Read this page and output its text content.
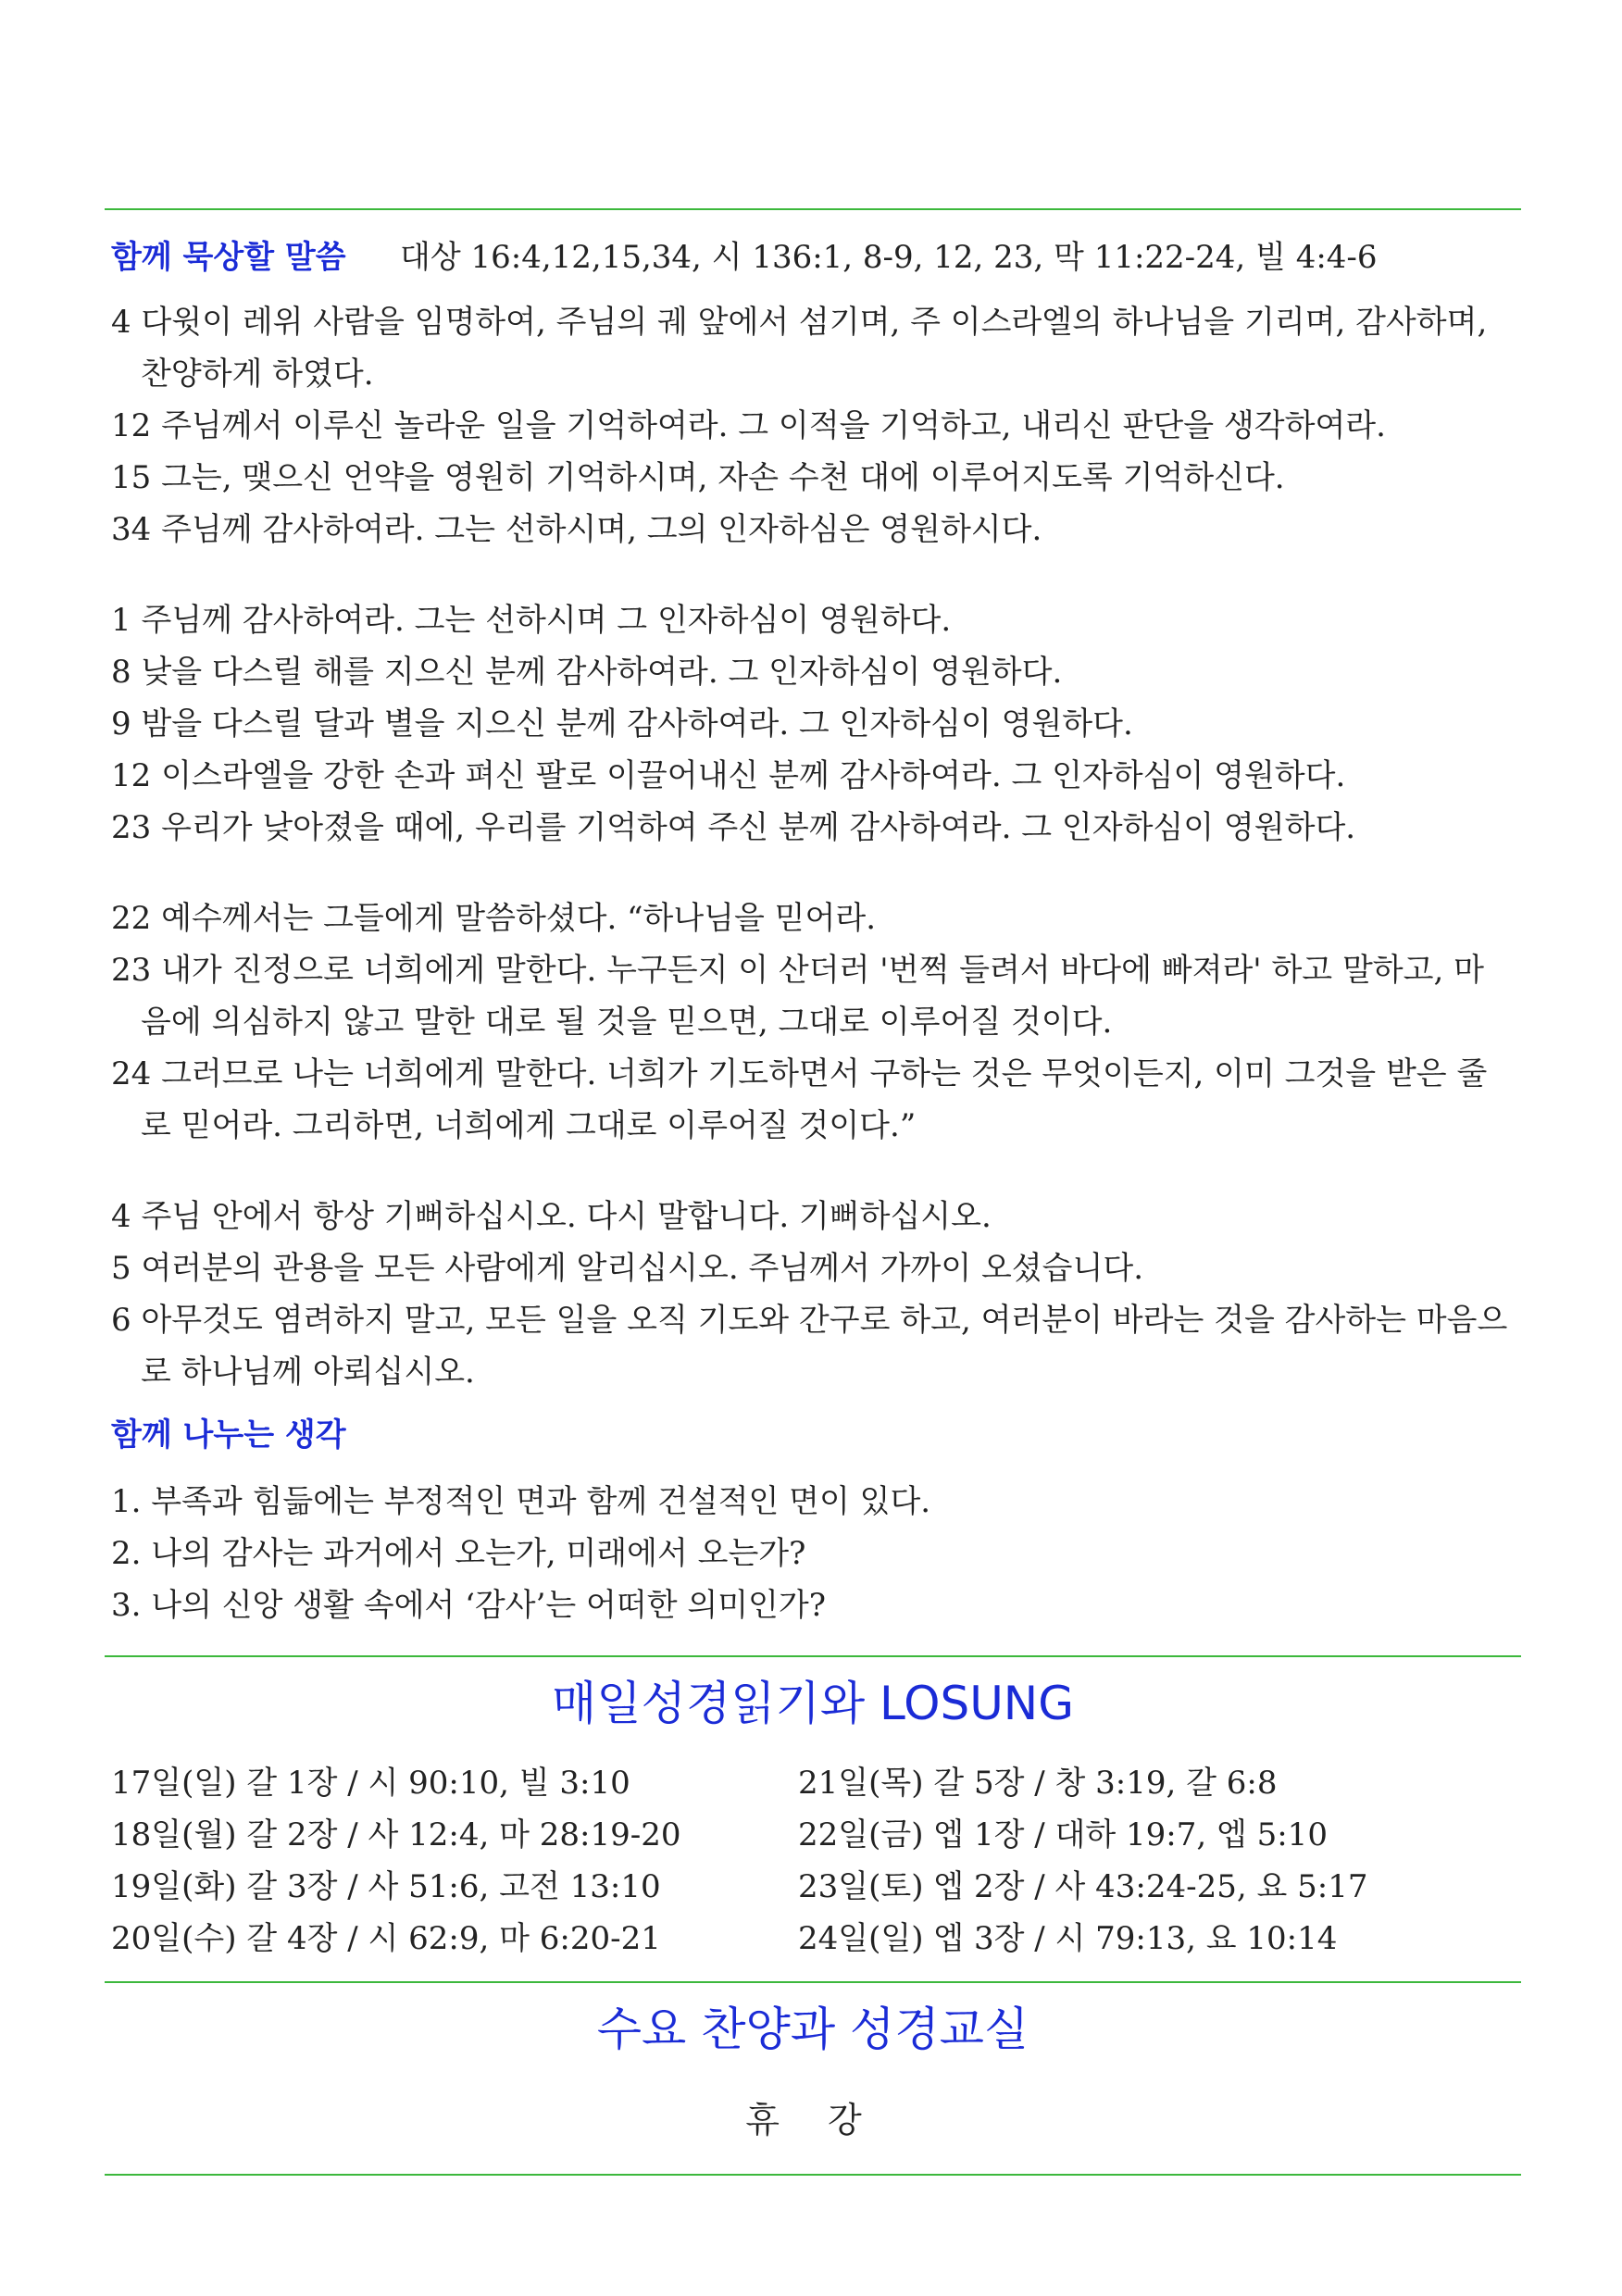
함께 묵상할 말씀 대상 16:4,12,15,34, 시 136:1, 8-9, 12, 23, 막 11:22-24, 빌 4:4-6
4 다윗이 레위 사람을 임명하여, 주님의 궤 앞에서 섬기며, 주 이스라엘의 하나님을 기리며, 감사하며,
찬양하게 하였다.
12 주님께서 이루신 놀라운 일을 기억하여라. 그 이적을 기억하고, 내리신 판단을 생각하여라.
15 그는, 맺으신 언약을 영원히 기억하시며, 자손 수천 대에 이루어지도록 기억하신다.
34 주님께 감사하여라. 그는 선하시며, 그의 인자하심은 영원하시다.
1 주님께 감사하여라. 그는 선하시며 그 인자하심이 영원하다.
8 낮을 다스릴 해를 지으신 분께 감사하여라. 그 인자하심이 영원하다.
9 밤을 다스릴 달과 별을 지으신 분께 감사하여라. 그 인자하심이 영원하다.
12 이스라엘을 강한 손과 펴신 팔로 이끌어내신 분께 감사하여라. 그 인자하심이 영원하다.
23 우리가 낮아졌을 때에, 우리를 기억하여 주신 분께 감사하여라. 그 인자하심이 영원하다.
22 예수께서는 그들에게 말씀하셨다. “하나님을 믿어라.
23 내가 진정으로 너희에게 말한다. 누구든지 이 산더러 '번쩍 들려서 바다에 빠져라' 하고 말하고, 마
음에 의심하지 않고 말한 대로 될 것을 믿으면, 그대로 이루어질 것이다.
24 그러므로 나는 너희에게 말한다. 너희가 기도하면서 구하는 것은 무엇이든지, 이미 그것을 받은 줄
로 믿어라. 그리하면, 너희에게 그대로 이루어질 것이다.”
4 주님 안에서 항상 기뻐하십시오. 다시 말합니다. 기뻐하십시오.
5 여러분의 관용을 모든 사람에게 알리십시오. 주님께서 가까이 오셨습니다.
6 아무것도 염려하지 말고, 모든 일을 오직 기도와 간구로 하고, 여러분이 바라는 것을 감사하는 마음으
로 하나님께 아뢰십시오.
함께 나누는 생각
1. 부족과 힘듦에는 부정적인 면과 함께 건설적인 면이 있다.
2. 나의 감사는 과거에서 오는가, 미래에서 오는가?
3. 나의 신앙 생활 속에서 ‘감사’는 어떠한 의미인가?
매일성경읽기와 LOSUNG
17일(일) 갈 1장 / 시 90:10, 빌 3:10
18일(월) 갈 2장 / 사 12:4, 마 28:19-20
19일(화) 갈 3장 / 사 51:6, 고전 13:10
20일(수) 갈 4장 / 시 62:9, 마 6:20-21
21일(목) 갈 5장 / 창 3:19, 갈 6:8
22일(금) 엡 1장 / 대하 19:7, 엡 5:10
23일(토) 엡 2장 / 사 43:24-25, 요 5:17
24일(일) 엡 3장 / 시 79:13, 요 10:14
수요 찬양과 성경교실
휴 강
